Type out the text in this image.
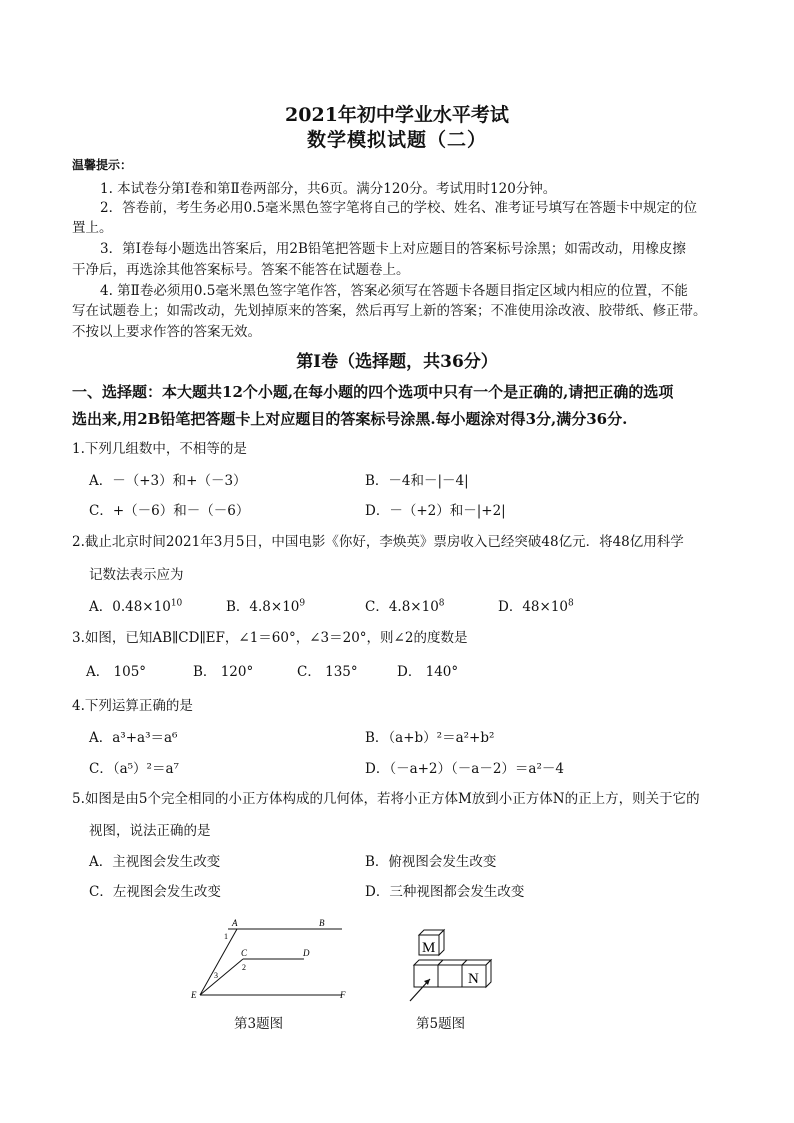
2021年初中学业水平考试
数学模拟试题（二）
温馨提示：
1. 本试卷分第Ⅰ卷和第Ⅱ卷两部分，共6页。满分120分。考试用时120分钟。
2．答卷前，考生务必用0.5毫米黑色签字笔将自己的学校、姓名、准考证号填写在答题卡中规定的位
置上。
3．第Ⅰ卷每小题选出答案后，用2B铅笔把答题卡上对应题目的答案标号涂黑；如需改动，用橡皮擦
干净后，再选涂其他答案标号。答案不能答在试题卷上。
4. 第Ⅱ卷必须用0.5毫米黑色签字笔作答，答案必须写在答题卡各题目指定区域内相应的位置，不能
写在试题卷上；如需改动，先划掉原来的答案，然后再写上新的答案；不准使用涂改液、胶带纸、修正带。
不按以上要求作答的答案无效。
第Ⅰ卷（选择题，共36分）
一、选择题：本大题共12个小题,在每小题的四个选项中只有一个是正确的,请把正确的选项
选出来,用2B铅笔把答题卡上对应题目的答案标号涂黑.每小题涂对得3分,满分36分.
1.下列几组数中，不相等的是
A．－（+3）和+（－3）	B．－4和－|－4|
C．+（－6）和－（－6）	D．－（+2）和－|+2|
2.截止北京时间2021年3月5日，中国电影《你好，李焕英》票房收入已经突破48亿元．将48亿用科学
记数法表示应为
A．$0.48\times 10^{10}$	B．$4.8\times 10^9$	C．$4.8\times 10^8$	D．$48\times 10^8$
3.如图，已知AB∥CD∥EF，∠1＝60°，∠3＝20°，则∠2的度数是
A． 105°	B． 120°	C． 135°	D． 140°
4.下列运算正确的是
A．a³+a³＝a⁶	B．（a+b）²＝a²+b²
C．（a⁵）²＝a⁷	D．（－a+2）（－a－2）＝a²－4
5.如图是由5个完全相同的小正方体构成的几何体，若将小正方体M放到小正方体N的正上方，则关于它的
视图，说法正确的是
A．主视图会发生改变	B．俯视图会发生改变
C．左视图会发生改变	D．三种视图都会发生改变
A	B
C	D
E	F
1
2
3
第3题图
M
N
第5题图
